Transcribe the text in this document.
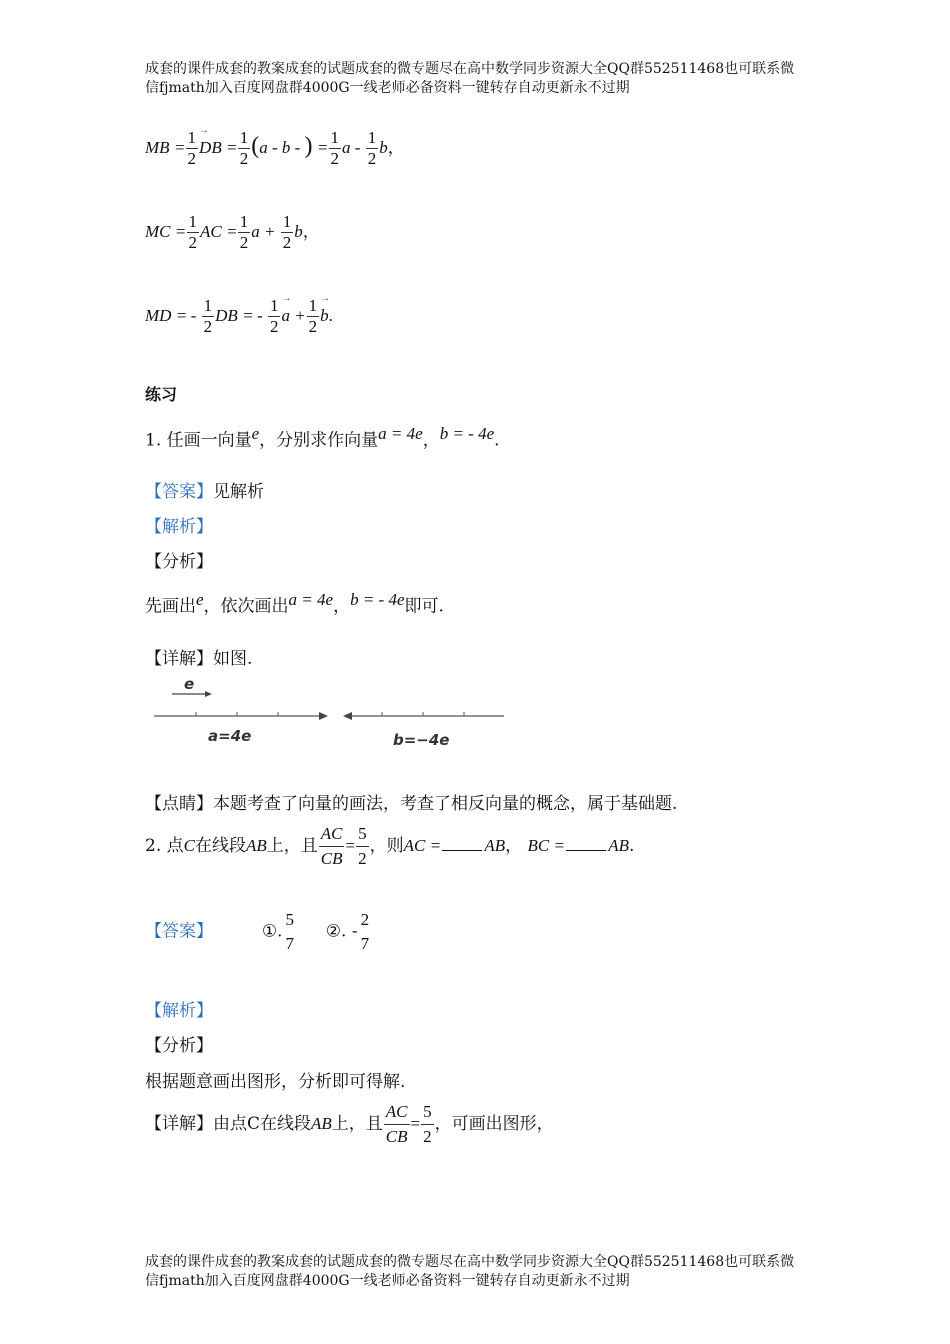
成套的课件成套的教案成套的试题成套的微专题尽在高中数学同步资源大全QQ群552511468也可联系微
信fjmath加入百度网盘群4000G一线老师必备资料一键转存自动更新永不过期
MB = $\frac{1}{2}$
→ DB = $\frac{1}{2} (a$ - b - ) = $\frac{1}{2}$ a - $\frac{1}{2}$ b，
MC = $\frac{1}{2}$ AC = $\frac{1}{2}$ $a + \frac{1}{2}$ b，
MD = - $\frac{1}{2}$ DB = - $\frac{1}{2}$
→ $a + \frac{1}{2}$
→ b.
练习
1. 任画一向量$^e$，分别求作向量$^{a = 4e}$，$^{b = - 4e}$.
【答案】见解析
【解析】
【分析】
先画出$^e$，依次画出$^{a = 4e}$，$^{b = - 4e}$即可.
【详解】如图.
e
a=4e	b=−4e
【点睛】本题考查了向量的画法，考查了相反向量的概念，属于基础题.
2. 点C在线段AB上，且 $\frac{AC}{CB} = \frac{5}{2}$ ，则AC =	AB， BC =	AB.
【答案】	①.
5
7
②. -
2
7
【解析】
【分析】
根据题意画出图形，分析即可得解.
【详解】由点C在线段AB上，且 $\frac{AC}{CB} = \frac{5}{2}$ ，可画出图形，
成套的课件成套的教案成套的试题成套的微专题尽在高中数学同步资源大全QQ群552511468也可联系微
信fjmath加入百度网盘群4000G一线老师必备资料一键转存自动更新永不过期
